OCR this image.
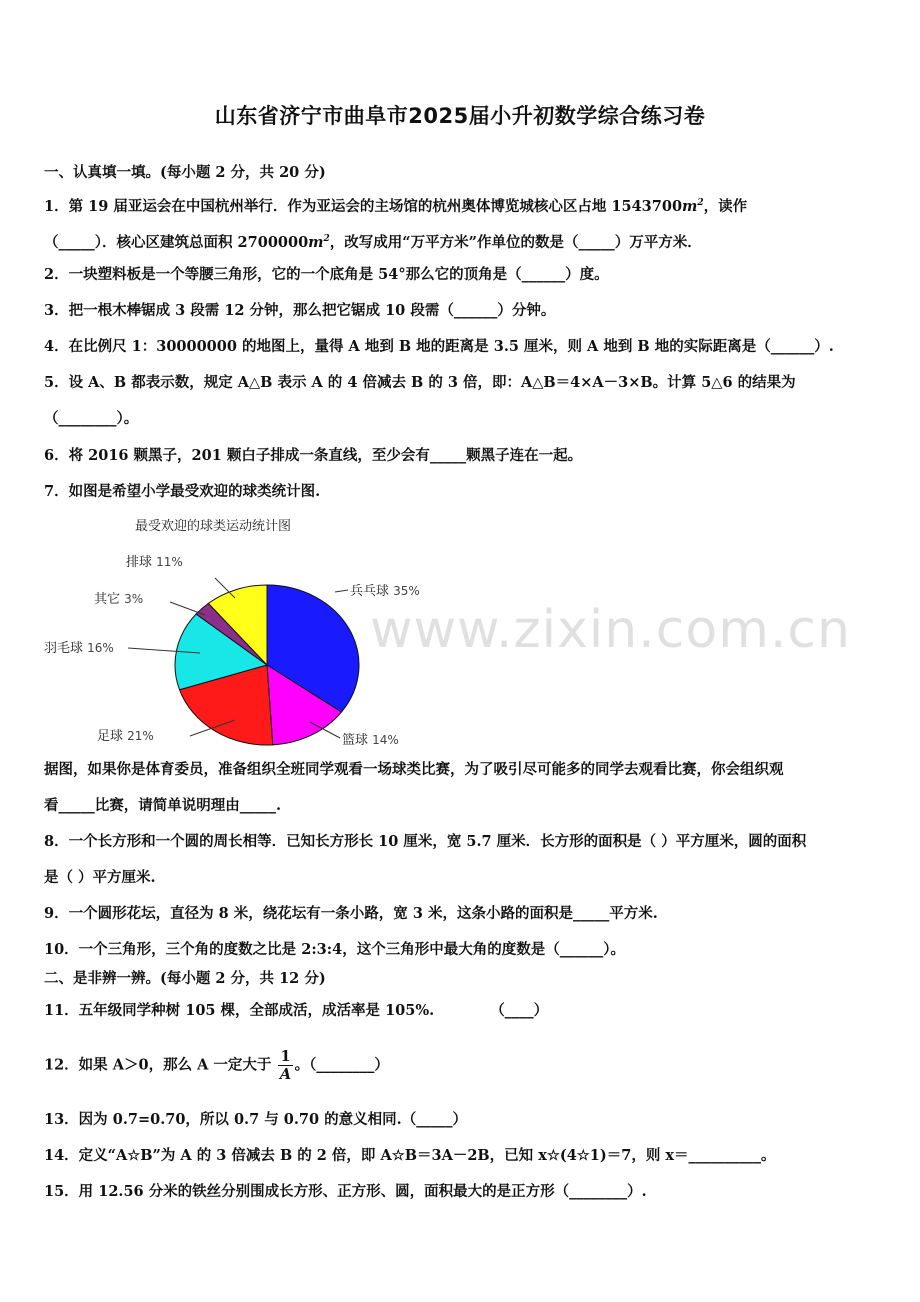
山东省济宁市曲阜市2025届小升初数学综合练习卷
一、认真填一填。(每小题 2 分，共 20 分)
1．第 19 届亚运会在中国杭州举行．作为亚运会的主场馆的杭州奥体博览城核心区占地 $1543700m^2$，读作
（_____）．核心区建筑总面积 $2700000m^2$，改写成用“万平方米”作单位的数是（_____）万平方米．
2．一块塑料板是一个等腰三角形，它的一个底角是 54°那么它的顶角是（______）度。
3．把一根木棒锯成 3 段需 12 分钟，那么把它锯成 10 段需（______）分钟。
4．在比例尺 1：30000000 的地图上，量得 A 地到 B 地的距离是 3.5 厘米，则 A 地到 B 地的实际距离是（______）.
5．设 A、B 都表示数，规定 A△B 表示 A 的 4 倍减去 B 的 3 倍，即：A△B＝4×A－3×B。计算 5△6 的结果为
（________）。
6．将 2016 颗黑子，201 颗白子排成一条直线，至少会有_____颗黑子连在一起。
7．如图是希望小学最受欢迎的球类统计图.
最受欢迎的球类运动统计图
兵乓球 35%
篮球 14%
足球 21%
羽毛球 16%
其它 3%
排球 11%
www.zixin.com.cn
据图，如果你是体育委员，准备组织全班同学观看一场球类比赛，为了吸引尽可能多的同学去观看比赛，你会组织观
看_____比赛，请简单说明理由_____.
8．一个长方形和一个圆的周长相等．已知长方形长 10 厘米，宽 5.7 厘米．长方形的面积是（ ）平方厘米，圆的面积
是（ ）平方厘米.
9．一个圆形花坛，直径为 8 米，绕花坛有一条小路，宽 3 米，这条小路的面积是_____平方米.
10．一个三角形，三个角的度数之比是 2:3:4，这个三角形中最大角的度数是（______）。
二、是非辨一辨。(每小题 2 分，共 12 分)
11．五年级同学种树 105 棵，全部成活，成活率是 105%.	（____）
12．如果 A＞0，那么 A 一定大于 $\frac{1}{A}$ 。（________）
13．因为 0.7=0.70，所以 0.7 与 0.70 的意义相同.（_____）
14．定义“A☆B”为 A 的 3 倍减去 B 的 2 倍，即 A☆B＝3A－2B，已知 x☆(4☆1)＝7，则 x＝__________。
15．用 12.56 分米的铁丝分别围成长方形、正方形、圆，面积最大的是正方形（________）.
